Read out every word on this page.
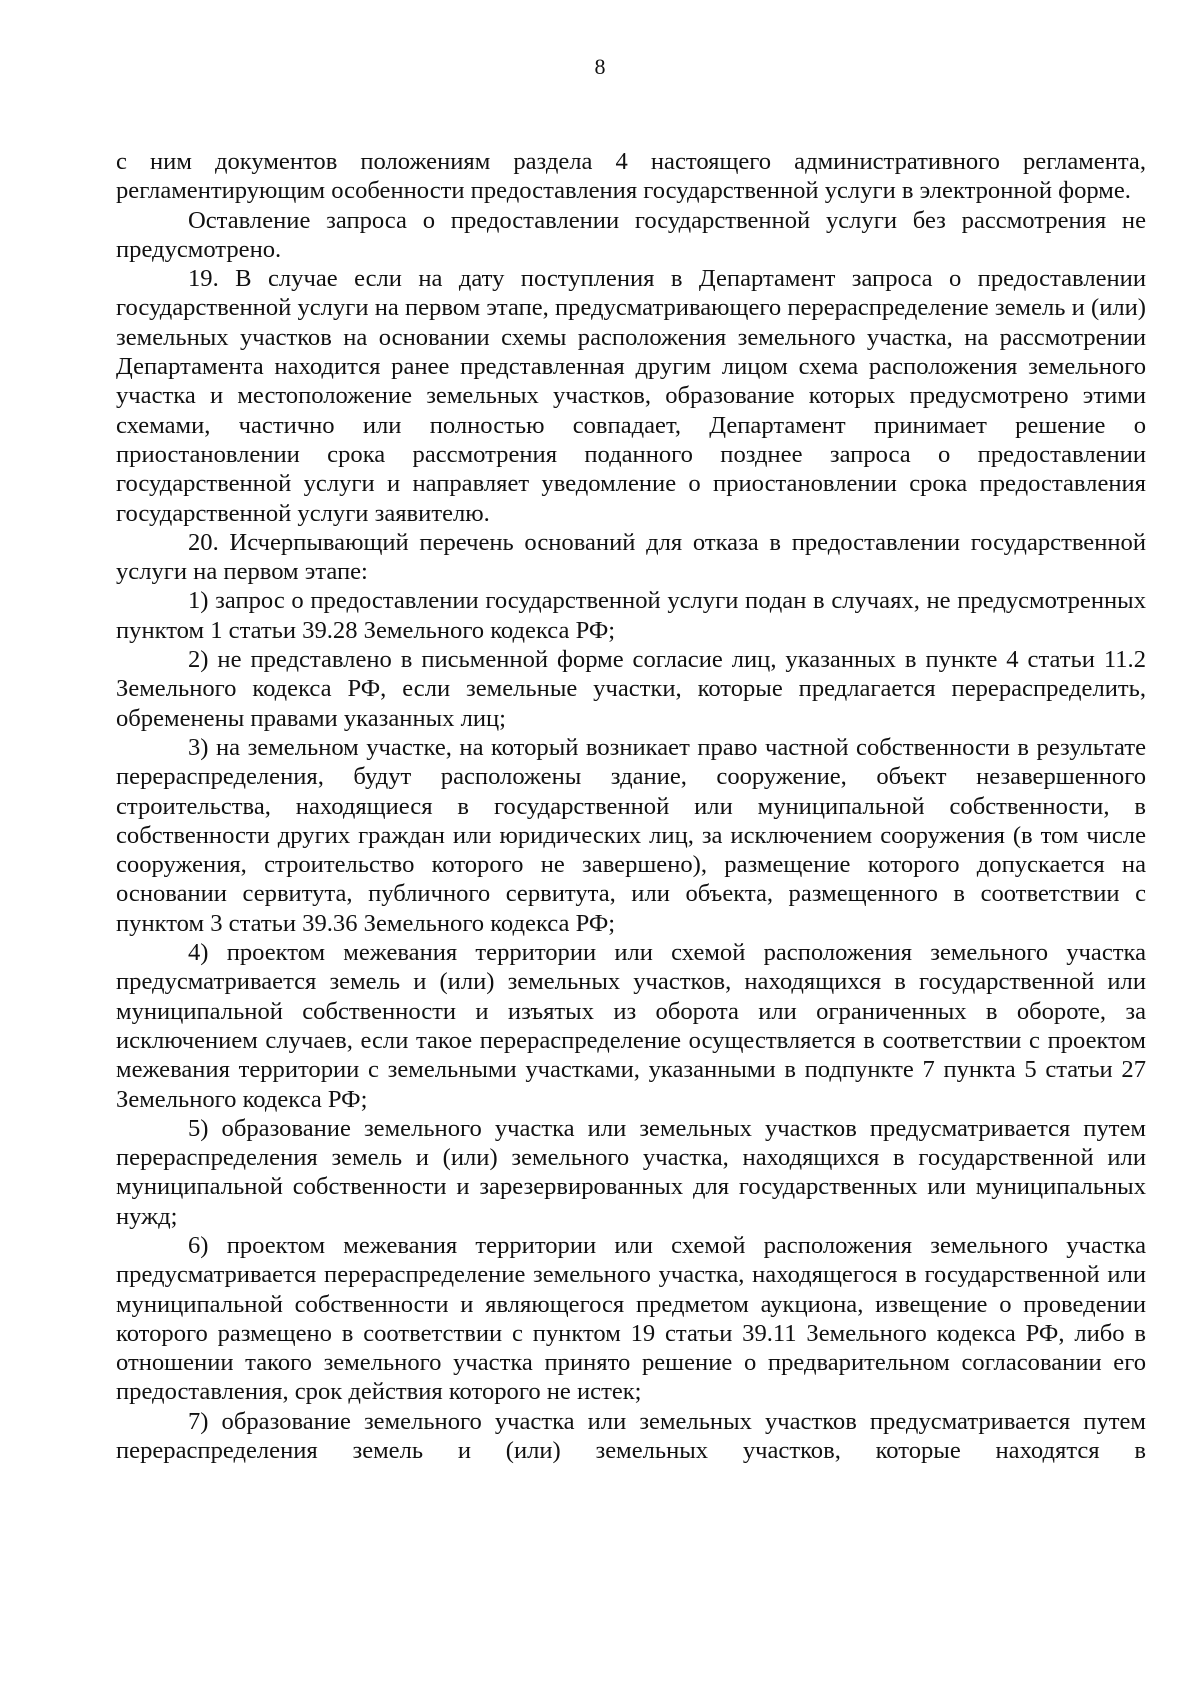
8

с ним документов положениям раздела 4 настоящего административного регламента, регламентирующим особенности предоставления государственной услуги в электронной форме.

Оставление запроса о предоставлении государственной услуги без рассмотрения не предусмотрено.

19. В случае если на дату поступления в Департамент запроса о предоставлении государственной услуги на первом этапе, предусматривающего перераспределение земель и (или) земельных участков на основании схемы расположения земельного участка, на рассмотрении Департамента находится ранее представленная другим лицом схема расположения земельного участка и местоположение земельных участков, образование которых предусмотрено этими схемами, частично или полностью совпадает, Департамент принимает решение о приостановлении срока рассмотрения поданного позднее запроса о предоставлении государственной услуги и направляет уведомление о приостановлении срока предоставления государственной услуги заявителю.

20. Исчерпывающий перечень оснований для отказа в предоставлении государственной услуги на первом этапе:

1) запрос о предоставлении государственной услуги подан в случаях, не предусмотренных пунктом 1 статьи 39.28 Земельного кодекса РФ;

2) не представлено в письменной форме согласие лиц, указанных в пункте 4 статьи 11.2 Земельного кодекса РФ, если земельные участки, которые предлагается перераспределить, обременены правами указанных лиц;

3) на земельном участке, на который возникает право частной собственности в результате перераспределения, будут расположены здание, сооружение, объект незавершенного строительства, находящиеся в государственной или муниципальной собственности, в собственности других граждан или юридических лиц, за исключением сооружения (в том числе сооружения, строительство которого не завершено), размещение которого допускается на основании сервитута, публичного сервитута, или объекта, размещенного в соответствии с пунктом 3 статьи 39.36 Земельного кодекса РФ;

4) проектом межевания территории или схемой расположения земельного участка предусматривается земель и (или) земельных участков, находящихся в государственной или муниципальной собственности и изъятых из оборота или ограниченных в обороте, за исключением случаев, если такое перераспределение осуществляется в соответствии с проектом межевания территории с земельными участками, указанными в подпункте 7 пункта 5 статьи 27 Земельного кодекса РФ;

5) образование земельного участка или земельных участков предусматривается путем перераспределения земель и (или) земельного участка, находящихся в государственной или муниципальной собственности и зарезервированных для государственных или муниципальных нужд;

6) проектом межевания территории или схемой расположения земельного участка предусматривается перераспределение земельного участка, находящегося в государственной или муниципальной собственности и являющегося предметом аукциона, извещение о проведении которого размещено в соответствии с пунктом 19 статьи 39.11 Земельного кодекса РФ, либо в отношении такого земельного участка принято решение о предварительном согласовании его предоставления, срок действия которого не истек;

7) образование земельного участка или земельных участков предусматривается путем перераспределения земель и (или) земельных участков, которые находятся в
